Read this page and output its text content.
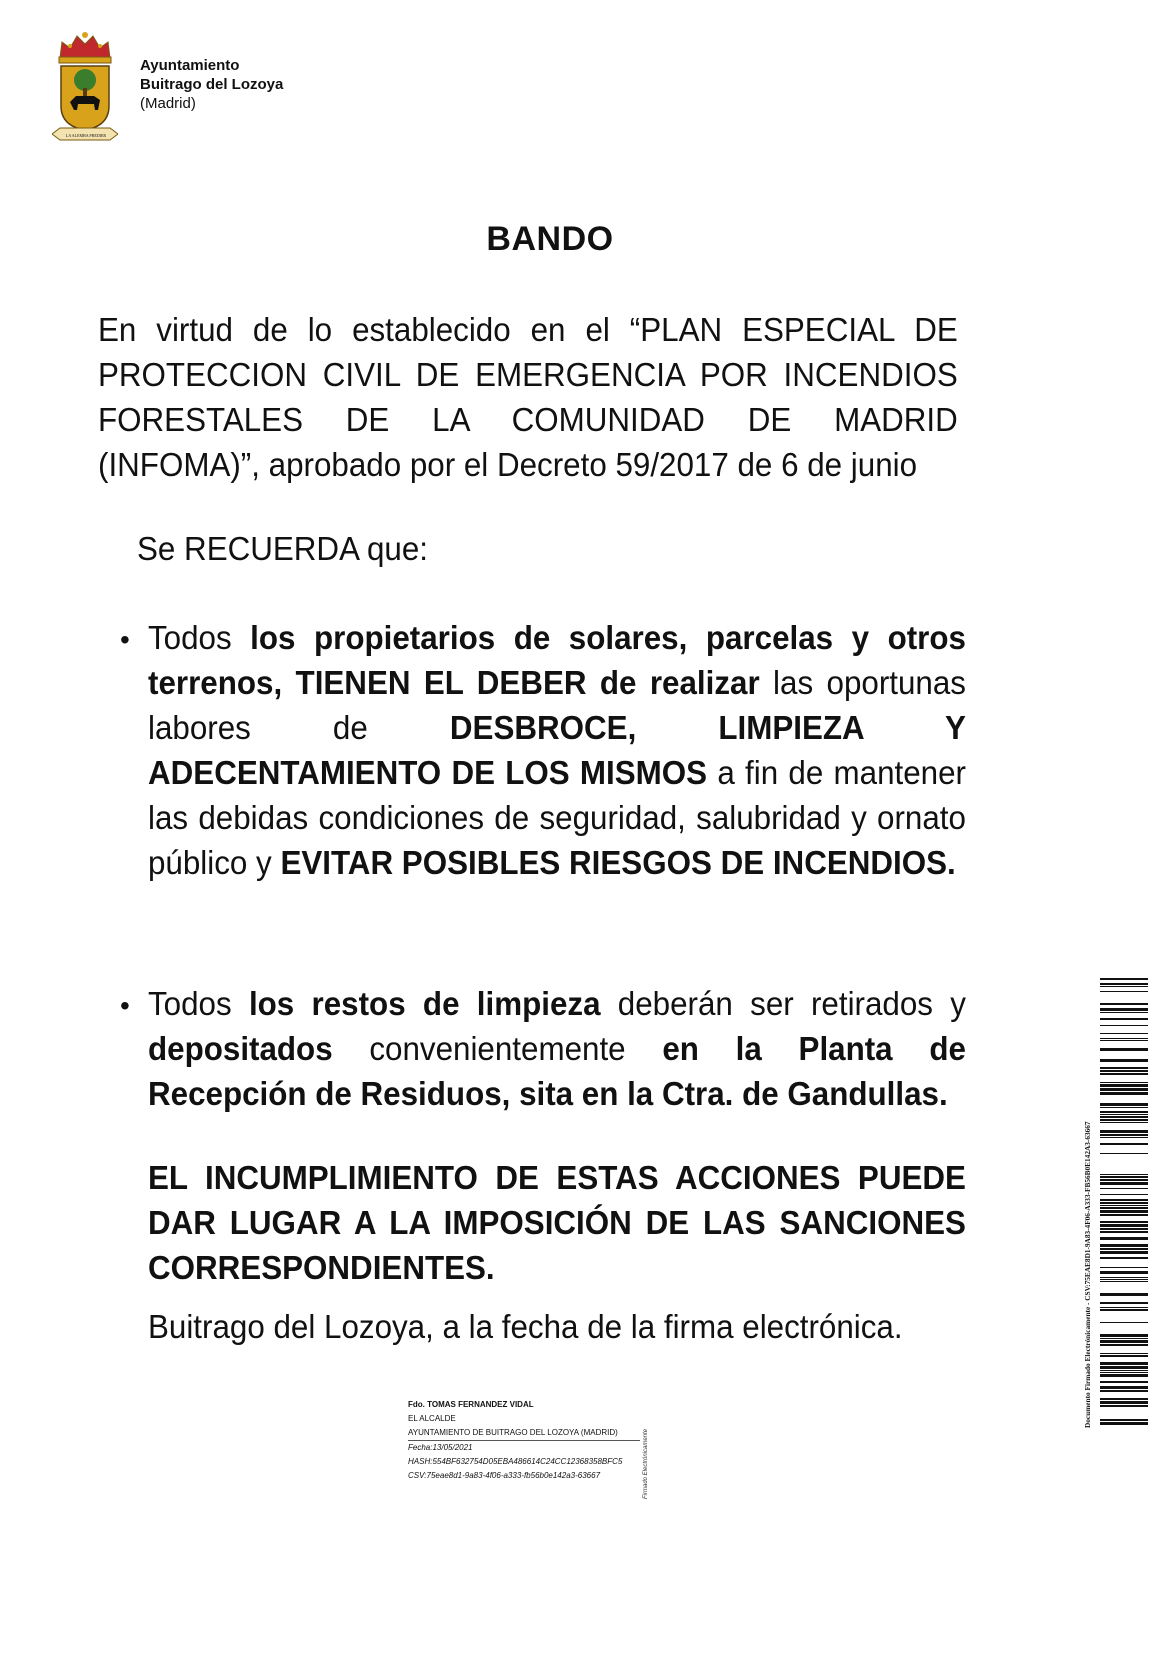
LA ALEMBA PREDIER
Ayuntamiento
Buitrago del Lozoya
(Madrid)
BANDO
En virtud de lo establecido en el “PLAN ESPECIAL DE PROTECCION CIVIL DE EMERGENCIA POR INCENDIOS FORESTALES DE LA COMUNIDAD DE MADRID (INFOMA)”, aprobado por el Decreto 59/2017 de 6 de junio
Se RECUERDA que:
• Todos los propietarios de solares, parcelas y otros terrenos, TIENEN EL DEBER de realizar las oportunas labores de DESBROCE, LIMPIEZA Y ADECENTAMIENTO DE LOS MISMOS a fin de mantener las debidas condiciones de seguridad, salubridad y ornato público y EVITAR POSIBLES RIESGOS DE INCENDIOS.
• Todos los restos de limpieza deberán ser retirados y depositados convenientemente en la Planta de Recepción de Residuos, sita en la Ctra. de Gandullas.
EL INCUMPLIMIENTO DE ESTAS ACCIONES PUEDE DAR LUGAR A LA IMPOSICIÓN DE LAS SANCIONES CORRESPONDIENTES.
Buitrago del Lozoya, a la fecha de la firma electrónica.
Fdo. TOMAS FERNANDEZ VIDAL
EL ALCALDE
AYUNTAMIENTO DE BUITRAGO DEL LOZOYA (MADRID)
Fecha:13/05/2021
HASH:554BF632754D05EBA486614C24CC12368358BFC5
CSV:75eae8d1-9a83-4f06-a333-fb56b0e142a3-63667	Firmado Electrónicamente
Documento Firmado Electrónicamente - CSV:75EAE8D1-9A83-4F06-A333-FB56B0E142A3-63667
